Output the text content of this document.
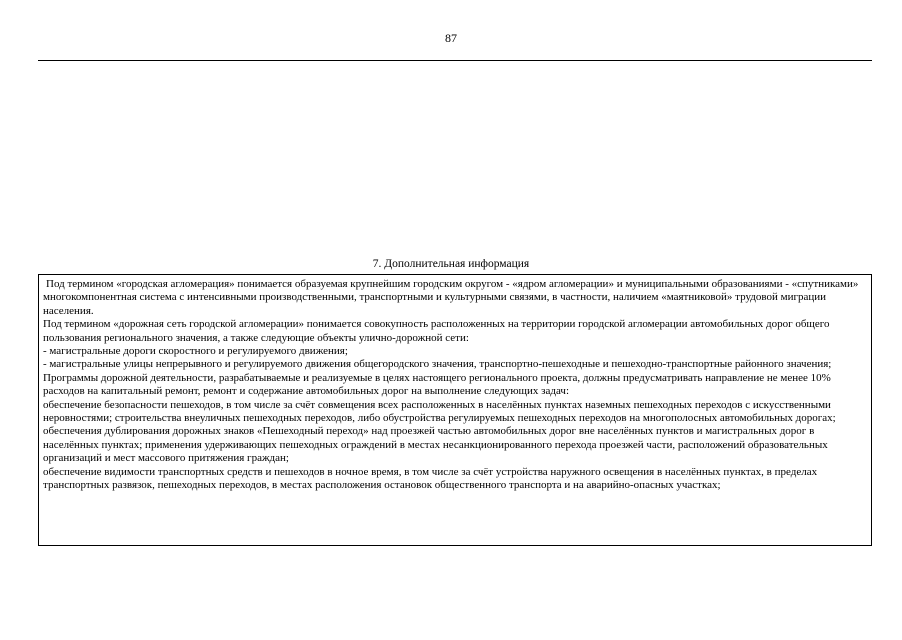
87
7. Дополнительная информация

Под термином «городская агломерация» понимается образуемая крупнейшим городским округом - «ядром агломерации» и муниципальными образованиями - «спутниками» многокомпонентная система с интенсивными производственными, транспортными и культурными связями, в частности, наличием «маятниковой» трудовой миграции населения.

Под термином «дорожная сеть городской агломерации» понимается совокупность расположенных на территории городской агломерации автомобильных дорог общего пользования регионального значения, а также следующие объекты улично-дорожной сети:

- магистральные дороги скоростного и регулируемого движения;

- магистральные улицы непрерывного и регулируемого движения общегородского значения, транспортно-пешеходные и пешеходно-транспортные районного значения;

Программы дорожной деятельности, разрабатываемые и реализуемые в целях настоящего регионального проекта, должны предусматривать направление не менее 10% расходов на капитальный ремонт, ремонт и содержание автомобильных дорог на выполнение следующих задач:

обеспечение безопасности пешеходов, в том числе за счёт совмещения всех расположенных в населённых пунктах наземных пешеходных переходов с искусственными неровностями; строительства внеуличных пешеходных переходов, либо обустройства регулируемых пешеходных переходов на многополосных автомобильных дорогах; обеспечения дублирования дорожных знаков «Пешеходный переход» над проезжей частью автомобильных дорог вне населённых пунктов и магистральных дорог в населённых пунктах; применения удерживающих пешеходных ограждений в местах несанкционированного перехода проезжей части, расположений образовательных организаций и мест массового притяжения граждан;

обеспечение видимости транспортных средств и пешеходов в ночное время, в том числе за счёт устройства наружного освещения в населённых пунктах, в пределах транспортных развязок, пешеходных переходов, в местах расположения остановок общественного транспорта и на аварийно-опасных участках;
